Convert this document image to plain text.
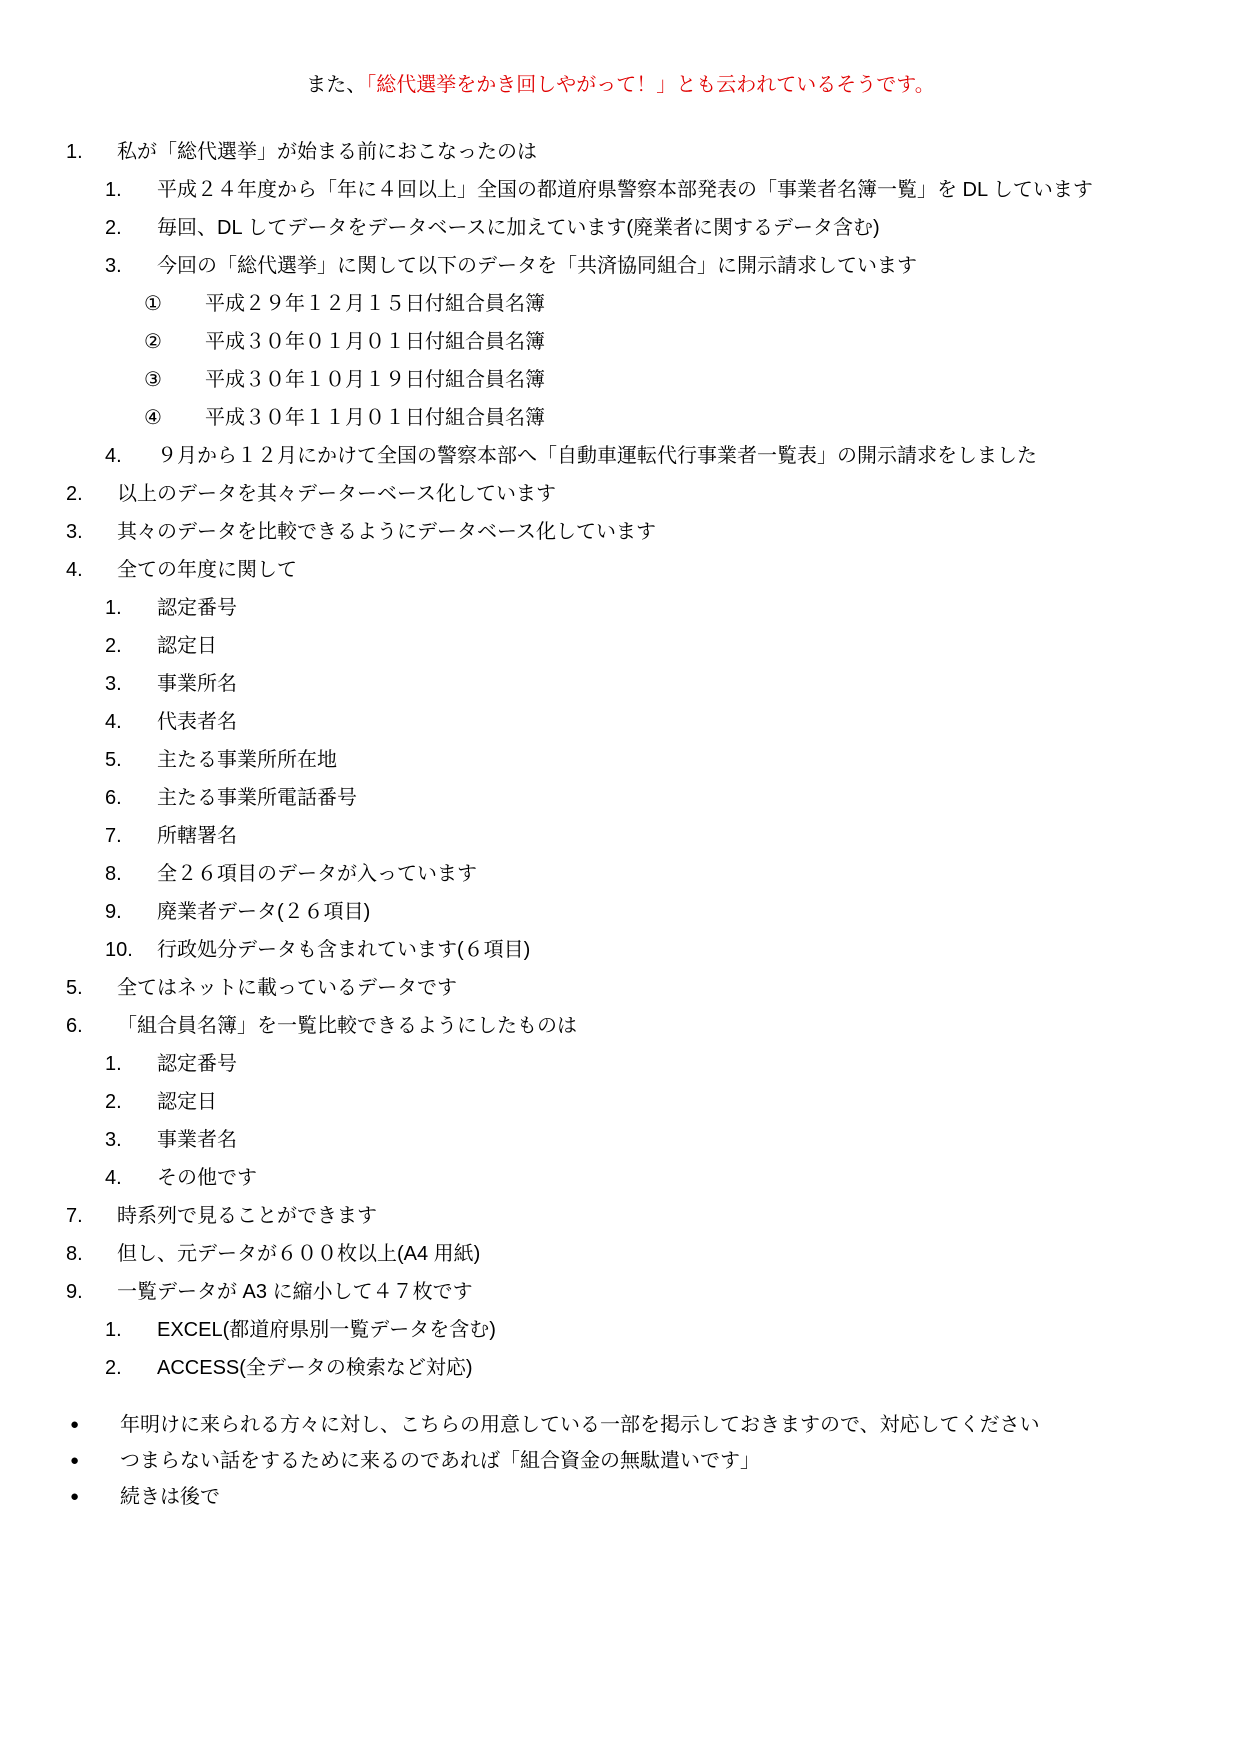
また、「総代選挙をかき回しやがって！」とも云われているそうです。
1.	私が「総代選挙」が始まる前におこなったのは
1.	平成２４年度から「年に４回以上」全国の都道府県警察本部発表の「事業者名簿一覧」を DL しています
2.	毎回、DL してデータをデータベースに加えています(廃業者に関するデータ含む)
3.	今回の「総代選挙」に関して以下のデータを「共済協同組合」に開示請求しています
①	平成２９年１２月１５日付組合員名簿
②	平成３０年０１月０１日付組合員名簿
③	平成３０年１０月１９日付組合員名簿
④	平成３０年１１月０１日付組合員名簿
4.	９月から１２月にかけて全国の警察本部へ「自動車運転代行事業者一覧表」の開示請求をしました
2.	以上のデータを其々データーベース化しています
3.	其々のデータを比較できるようにデータベース化しています
4.	全ての年度に関して
1.	認定番号
2.	認定日
3.	事業所名
4.	代表者名
5.	主たる事業所所在地
6.	主たる事業所電話番号
7.	所轄署名
8.	全２６項目のデータが入っています
9.	廃業者データ(２６項目)
10.	行政処分データも含まれています(６項目)
5.	全てはネットに載っているデータです
6.	「組合員名簿」を一覧比較できるようにしたものは
1.	認定番号
2.	認定日
3.	事業者名
4.	その他です
7.	時系列で見ることができます
8.	但し、元データが６００枚以上(A4 用紙)
9.	一覧データが A3 に縮小して４７枚です
1.	EXCEL(都道府県別一覧データを含む)
2.	ACCESS(全データの検索など対応)
●	年明けに来られる方々に対し、こちらの用意している一部を掲示しておきますので、対応してください
●	つまらない話をするために来るのであれば「組合資金の無駄遣いです」
●	続きは後で
